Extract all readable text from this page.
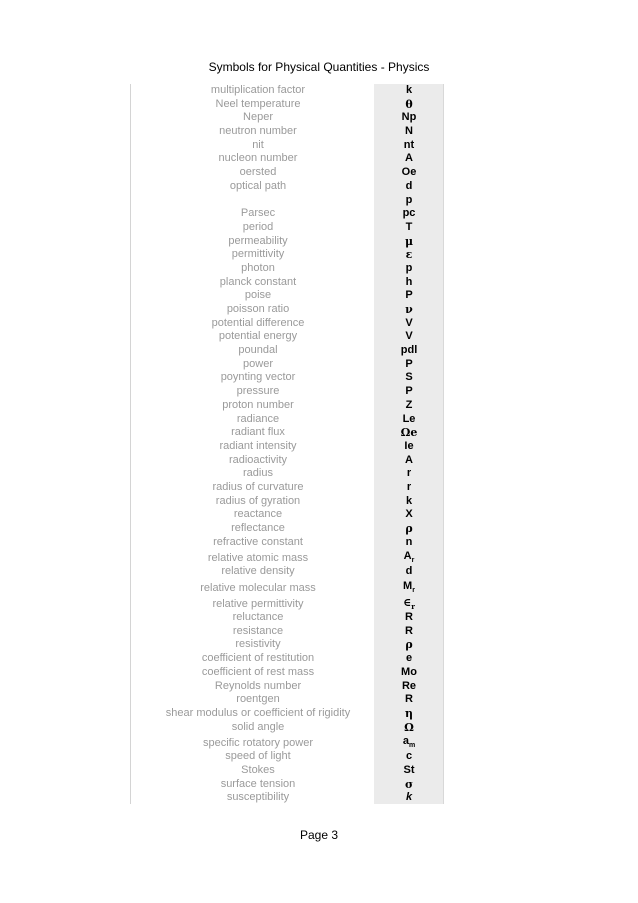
Symbols for Physical Quantities - Physics
multiplication factor	k
Neel temperature	θ
Neper	Np
neutron number	N
nit	nt
nucleon number	A
oersted	Oe
optical path	d
p
Parsec	pc
period	T
permeability	μ
permittivity	ε
photon	p
planck constant	h
poise	P
poisson ratio	ν
potential difference	V
potential energy	V
poundal	pdl
power	P
poynting vector	S
pressure	P
proton number	Z
radiance	Le
radiant flux	Ωe
radiant intensity	Ie
radioactivity	A
radius	r
radius of curvature	r
radius of gyration	k
reactance	X
reflectance	ρ
refractive constant	n
relative atomic mass	$A_r$
relative density	d
relative molecular mass	$M_r$
relative permittivity	$\in_r$
reluctance	R
resistance	R
resistivity	ρ
coefficient of restitution	e
coefficient of rest mass	Mo
Reynolds number	Re
roentgen	R
shear modulus or coefficient of rigidity	η
solid angle	Ω
specific rotatory power	$a_m$
speed of light	c
Stokes	St
surface tension	σ
susceptibility	k
Page 3
